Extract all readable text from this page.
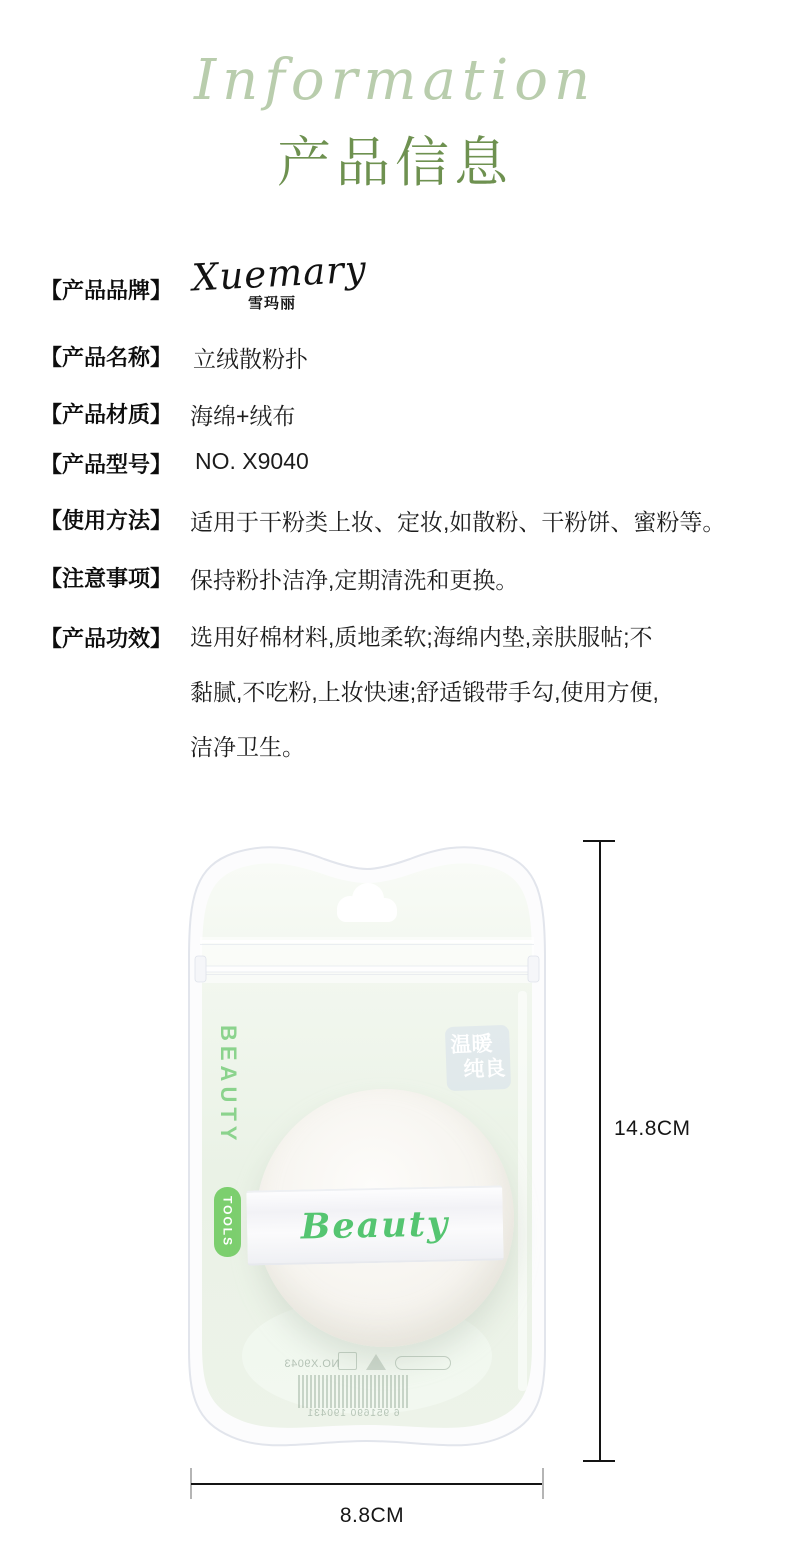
Information
产品信息
【产品品牌】 Xuemary
雪玛丽
【产品名称】 立绒散粉扑
【产品材质】 海绵+绒布
【产品型号】 NO. X9040
【使用方法】 适用于干粉类上妆、定妆,如散粉、干粉饼、蜜粉等。
【注意事项】 保持粉扑洁净,定期清洗和更换。
【产品功效】 选用好棉材料,质地柔软;海绵内垫,亲肤服帖;不
黏腻,不吃粉,上妆快速;舒适锻带手勾,使用方便,
洁净卫生。
BEAUTY
TOOLS
温暖
纯良
Beauty
NO.X9043
6 951690 190431
14.8CM
8.8CM
